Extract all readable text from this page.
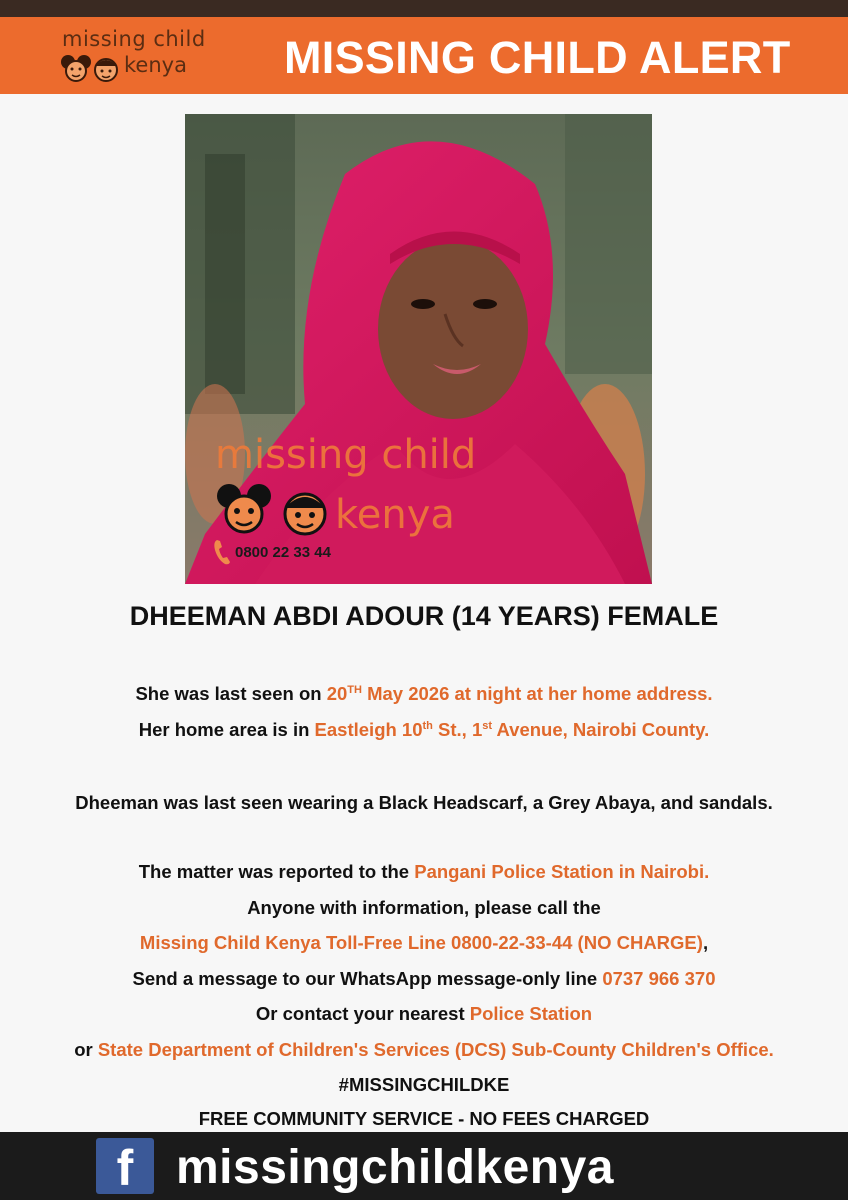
missing child
kenya MISSING CHILD ALERT
missing child
kenya
0800 22 33 44
DHEEMAN ABDI ADOUR (14 YEARS) FEMALE
She was last seen on 20TH May 2026 at night at her home address.
Her home area is in Eastleigh 10th St., 1st Avenue, Nairobi County.
Dheeman was last seen wearing a Black Headscarf, a Grey Abaya, and sandals.
The matter was reported to the Pangani Police Station in Nairobi.
Anyone with information, please call the
Missing Child Kenya Toll-Free Line 0800-22-33-44 (NO CHARGE),
Send a message to our WhatsApp message-only line 0737 966 370
Or contact your nearest Police Station
or State Department of Children's Services (DCS) Sub-County Children's Office.
#MISSINGCHILDKE
FREE COMMUNITY SERVICE - NO FEES CHARGED
f missingchildkenya
